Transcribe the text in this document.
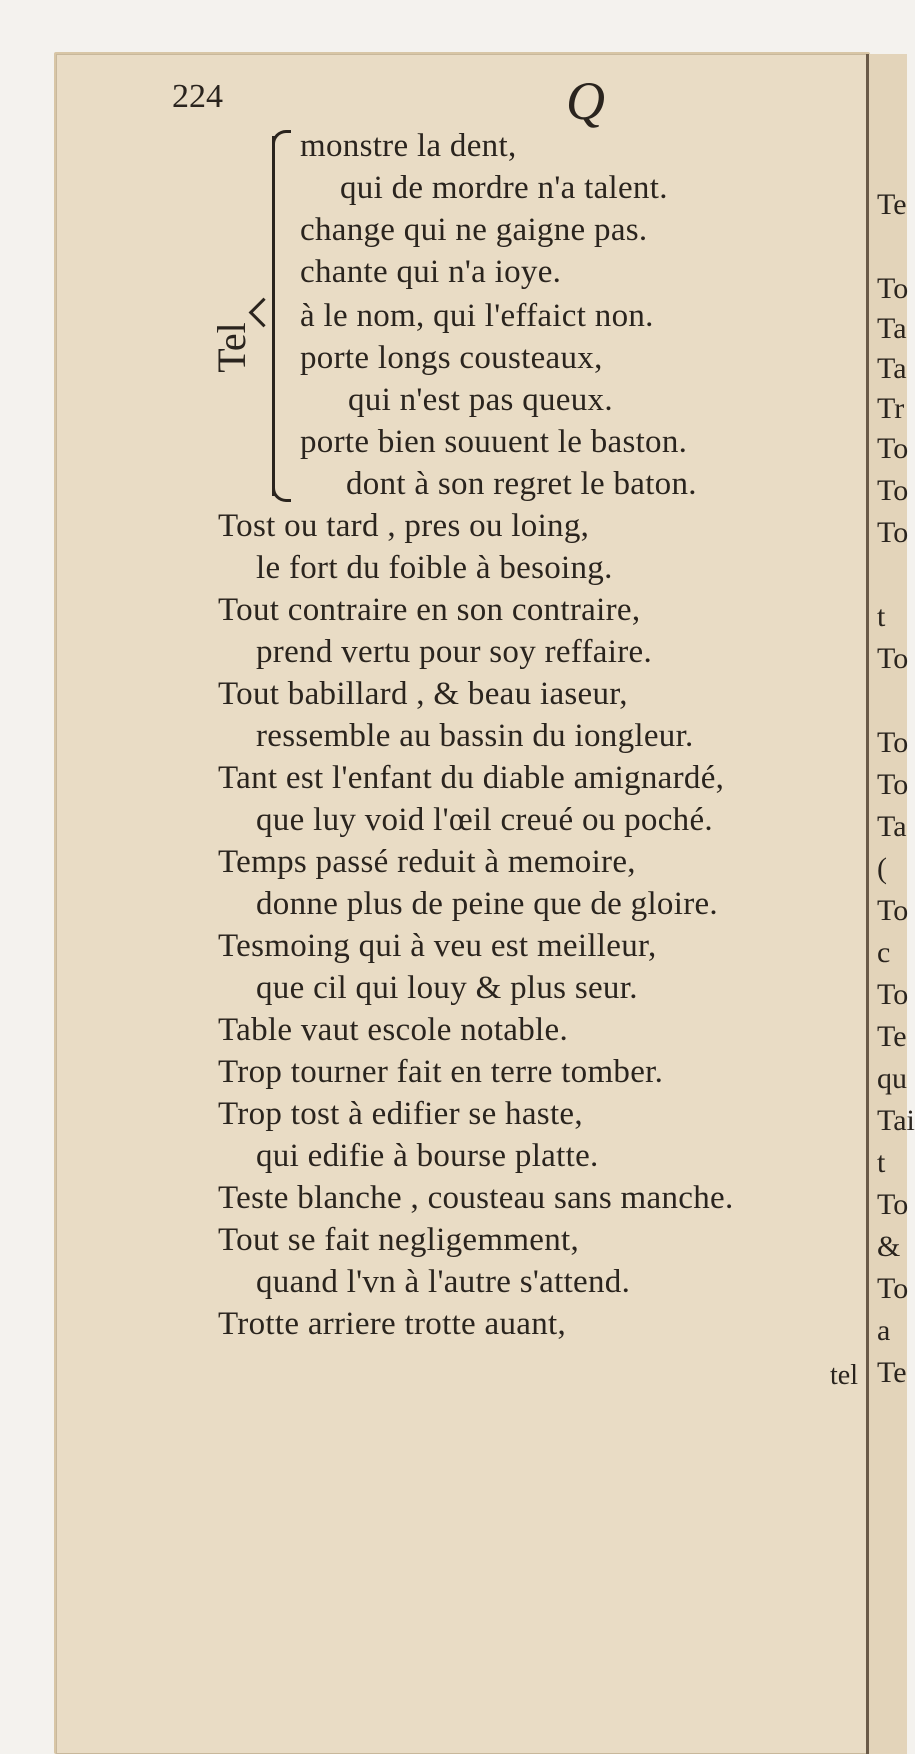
Te
To
Ta
Ta
Tr
To
To
To
t
To
To
To
Ta
(
To
c
To
Te
qu
Tai
t
To
&
To
a
Te
224	Q
Tel
monstre la dent,
qui de mordre n'a talent.
change qui ne gaigne pas.
chante qui n'a ioye.
à le nom, qui l'effaict non.
porte longs cousteaux,
qui n'est pas queux.
porte bien souuent le baston.
dont à son regret le baton.
Tost ou tard , pres ou loing,
le fort du foible à besoing.
Tout contraire en son contraire,
prend vertu pour soy reffaire.
Tout babillard , & beau iaseur,
ressemble au bassin du iongleur.
Tant est l'enfant du diable amignardé,
que luy void l'œil creué ou poché.
Temps passé reduit à memoire,
donne plus de peine que de gloire.
Tesmoing qui à veu est meilleur,
que cil qui louy & plus seur.
Table vaut escole notable.
Trop tourner fait en terre tomber.
Trop tost à edifier se haste,
qui edifie à bourse platte.
Teste blanche , cousteau sans manche.
Tout se fait negligemment,
quand l'vn à l'autre s'attend.
Trotte arriere trotte auant,
tel
